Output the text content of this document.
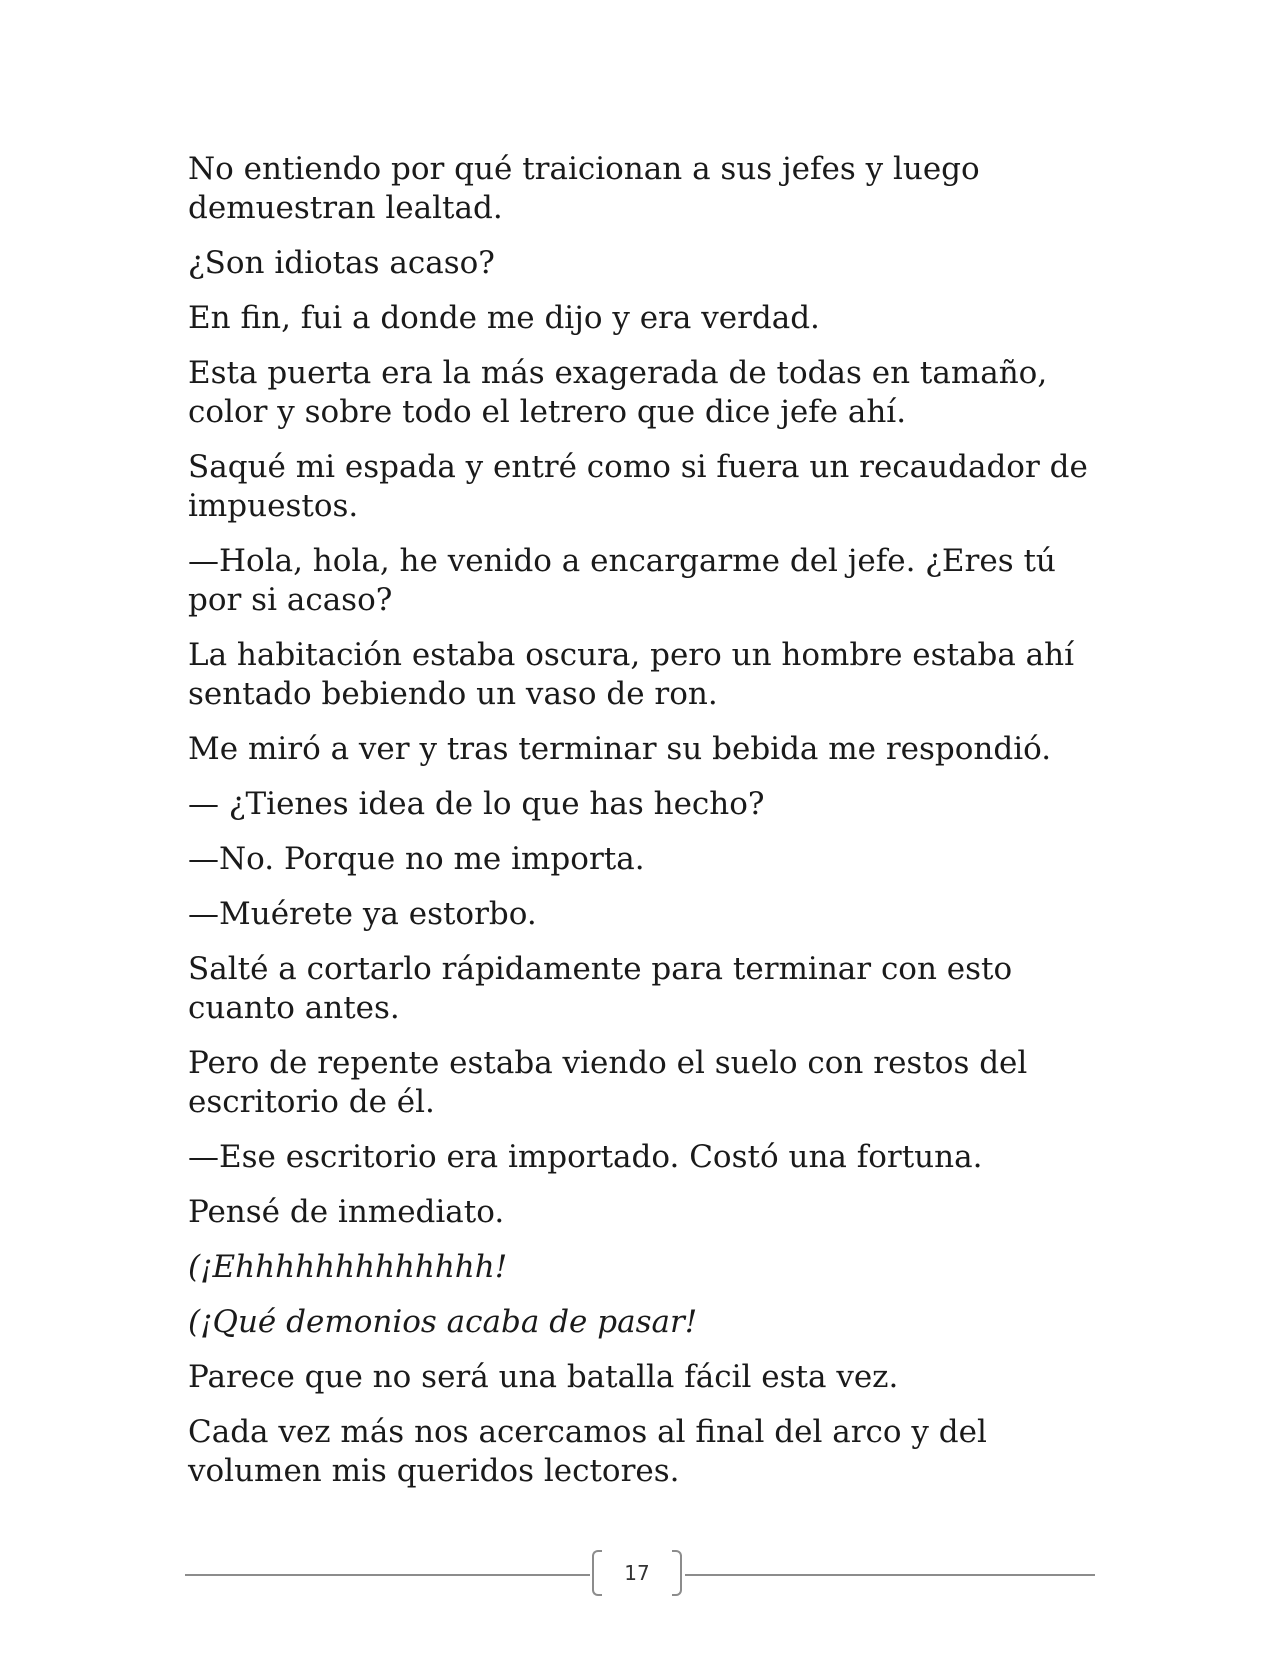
No entiendo por qué traicionan a sus jefes y luego demuestran lealtad.

¿Son idiotas acaso?

En fin, fui a donde me dijo y era verdad.

Esta puerta era la más exagerada de todas en tamaño, color y sobre todo el letrero que dice jefe ahí.

Saqué mi espada y entré como si fuera un recaudador de impuestos.

—Hola, hola, he venido a encargarme del jefe. ¿Eres tú por si acaso?

La habitación estaba oscura, pero un hombre estaba ahí sentado bebiendo un vaso de ron.

Me miró a ver y tras terminar su bebida me respondió.

— ¿Tienes idea de lo que has hecho?

—No. Porque no me importa.

—Muérete ya estorbo.

Salté a cortarlo rápidamente para terminar con esto cuanto antes.

Pero de repente estaba viendo el suelo con restos del escritorio de él.

—Ese escritorio era importado. Costó una fortuna.

Pensé de inmediato.

(¡Ehhhhhhhhhhhhh!

(¡Qué demonios acaba de pasar!

Parece que no será una batalla fácil esta vez.

Cada vez más nos acercamos al final del arco y del volumen mis queridos lectores.

17
